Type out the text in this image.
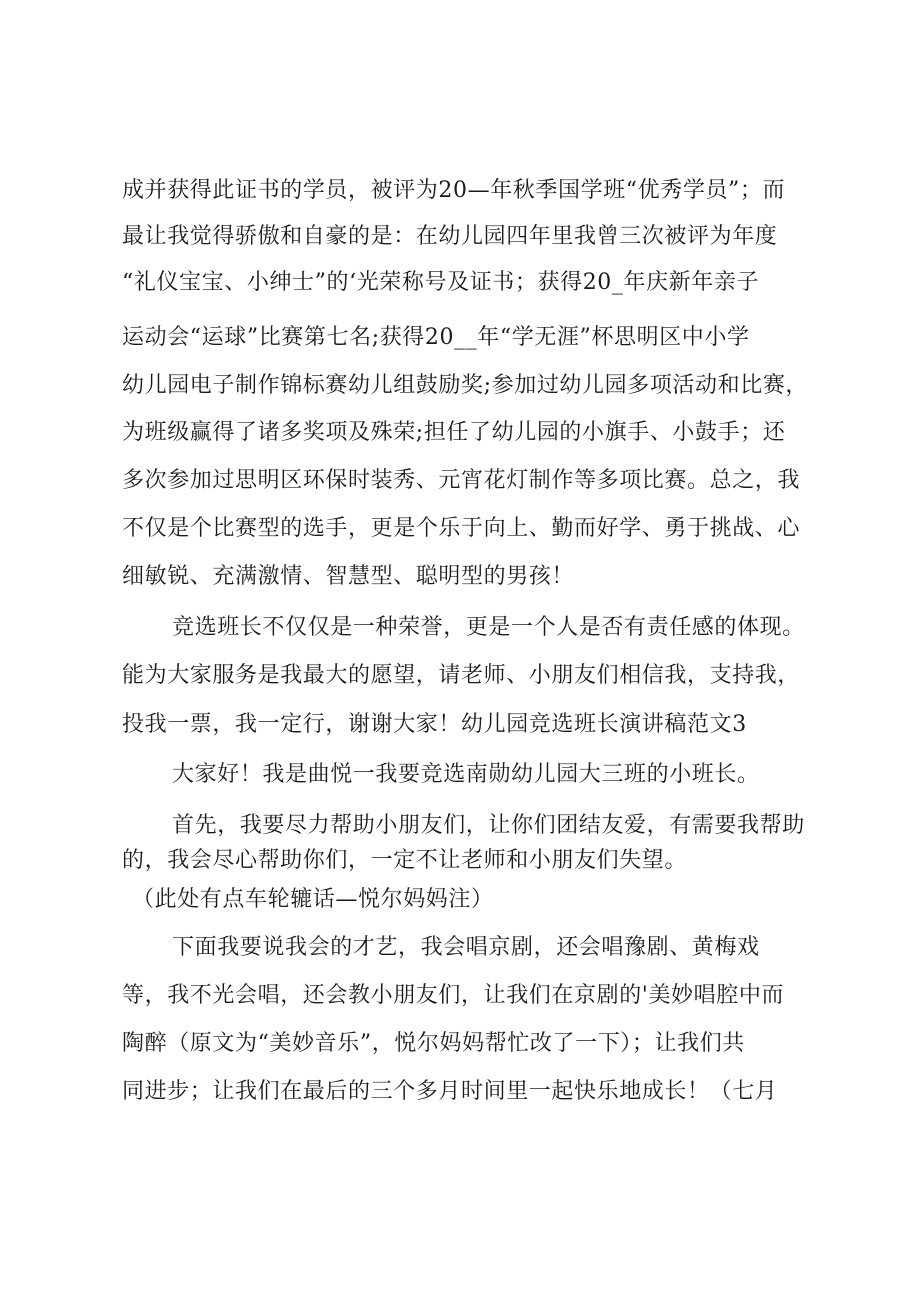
成并获得此证书的学员，被评为20—年秋季国学班“优秀学员”；而
最让我觉得骄傲和自豪的是：在幼儿园四年里我曾三次被评为年度
“礼仪宝宝、小绅士”的‘光荣称号及证书；获得20_年庆新年亲子
运动会“运球”比赛第七名;获得20__年“学无涯”杯思明区中小学
幼儿园电子制作锦标赛幼儿组鼓励奖;参加过幼儿园多项活动和比赛，
为班级赢得了诸多奖项及殊荣;担任了幼儿园的小旗手、小鼓手；还
多次参加过思明区环保时装秀、元宵花灯制作等多项比赛。总之，我
不仅是个比赛型的选手，更是个乐于向上、勤而好学、勇于挑战、心
细敏锐、充满激情、智慧型、聪明型的男孩！
竞选班长不仅仅是一种荣誉，更是一个人是否有责任感的体现。
能为大家服务是我最大的愿望，请老师、小朋友们相信我，支持我，
投我一票，我一定行，谢谢大家！幼儿园竞选班长演讲稿范文3
大家好！我是曲悦一我要竞选南勋幼儿园大三班的小班长。
首先，我要尽力帮助小朋友们，让你们团结友爱，有需要我帮助
的，我会尽心帮助你们，一定不让老师和小朋友们失望。
（此处有点车轮辘话—悦尔妈妈注）
下面我要说我会的才艺，我会唱京剧，还会唱豫剧、黄梅戏
等，我不光会唱，还会教小朋友们，让我们在京剧的'美妙唱腔中而
陶醉（原文为“美妙音乐”，悦尔妈妈帮忙改了一下）；让我们共
同进步；让我们在最后的三个多月时间里一起快乐地成长！（七月
